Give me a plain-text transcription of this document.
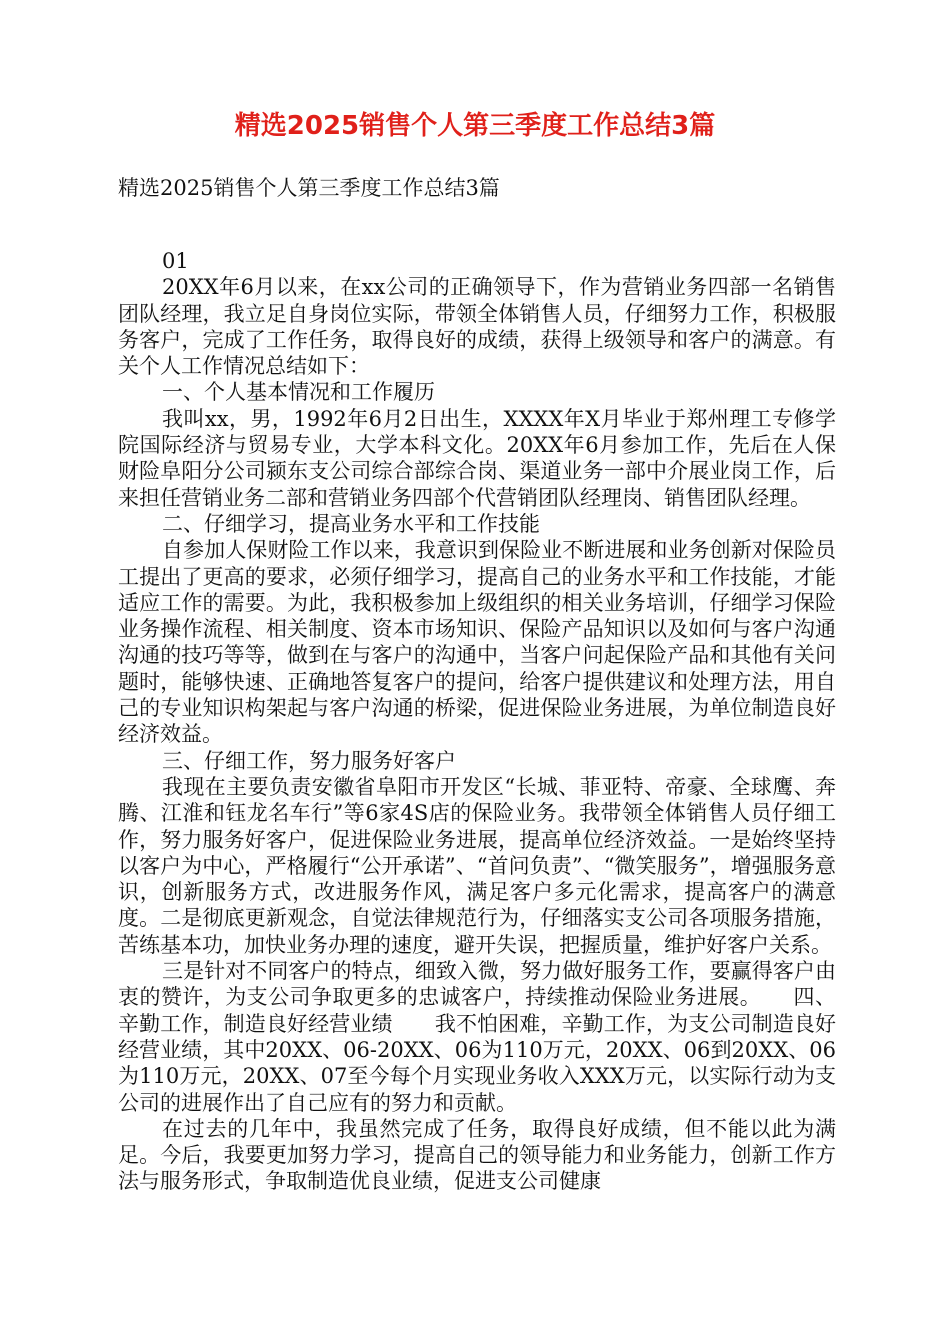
精选2025销售个人第三季度工作总结3篇

精选2025销售个人第三季度工作总结3篇

01

20XX年6月以来，在xx公司的正确领导下，作为营销业务四部一名销售团队经理，我立足自身岗位实际，带领全体销售人员，仔细努力工作，积极服务客户，完成了工作任务，取得良好的成绩，获得上级领导和客户的满意。有关个人工作情况总结如下：

一、个人基本情况和工作履历

我叫xx，男，1992年6月2日出生，XXXX年X月毕业于郑州理工专修学院国际经济与贸易专业，大学本科文化。20XX年6月参加工作，先后在人保财险阜阳分公司颍东支公司综合部综合岗、渠道业务一部中介展业岗工作，后来担任营销业务二部和营销业务四部个代营销团队经理岗、销售团队经理。

二、仔细学习，提高业务水平和工作技能

自参加人保财险工作以来，我意识到保险业不断进展和业务创新对保险员工提出了更高的要求，必须仔细学习，提高自己的业务水平和工作技能，才能适应工作的需要。为此，我积极参加上级组织的相关业务培训，仔细学习保险业务操作流程、相关制度、资本市场知识、保险产品知识以及如何与客户沟通沟通的技巧等等，做到在与客户的沟通中，当客户问起保险产品和其他有关问题时，能够快速、正确地答复客户的提问，给客户提供建议和处理方法，用自己的专业知识构架起与客户沟通的桥梁，促进保险业务进展，为单位制造良好经济效益。

三、仔细工作，努力服务好客户

我现在主要负责安徽省阜阳市开发区“长城、菲亚特、帝豪、全球鹰、奔腾、江淮和钰龙名车行”等6家4S店的保险业务。我带领全体销售人员仔细工作，努力服务好客户，促进保险业务进展，提高单位经济效益。一是始终坚持以客户为中心，严格履行“公开承诺”、“首问负责”、“微笑服务”，增强服务意识，创新服务方式，改进服务作风，满足客户多元化需求，提高客户的满意度。二是彻底更新观念，自觉法律规范行为，仔细落实支公司各项服务措施，苦练基本功，加快业务办理的速度，避开失误，把握质量，维护好客户关系。

三是针对不同客户的特点，细致入微，努力做好服务工作，要赢得客户由衷的赞许，为支公司争取更多的忠诚客户，持续推动保险业务进展。　　四、辛勤工作，制造良好经营业绩　　我不怕困难，辛勤工作，为支公司制造良好经营业绩，其中20XX、06-20XX、06为110万元，20XX、06到20XX、06为110万元，20XX、07至今每个月实现业务收入XXX万元，以实际行动为支公司的进展作出了自己应有的努力和贡献。

在过去的几年中，我虽然完成了任务，取得良好成绩，但不能以此为满足。今后，我要更加努力学习，提高自己的领导能力和业务能力，创新工作方法与服务形式，争取制造优良业绩，促进支公司健康
